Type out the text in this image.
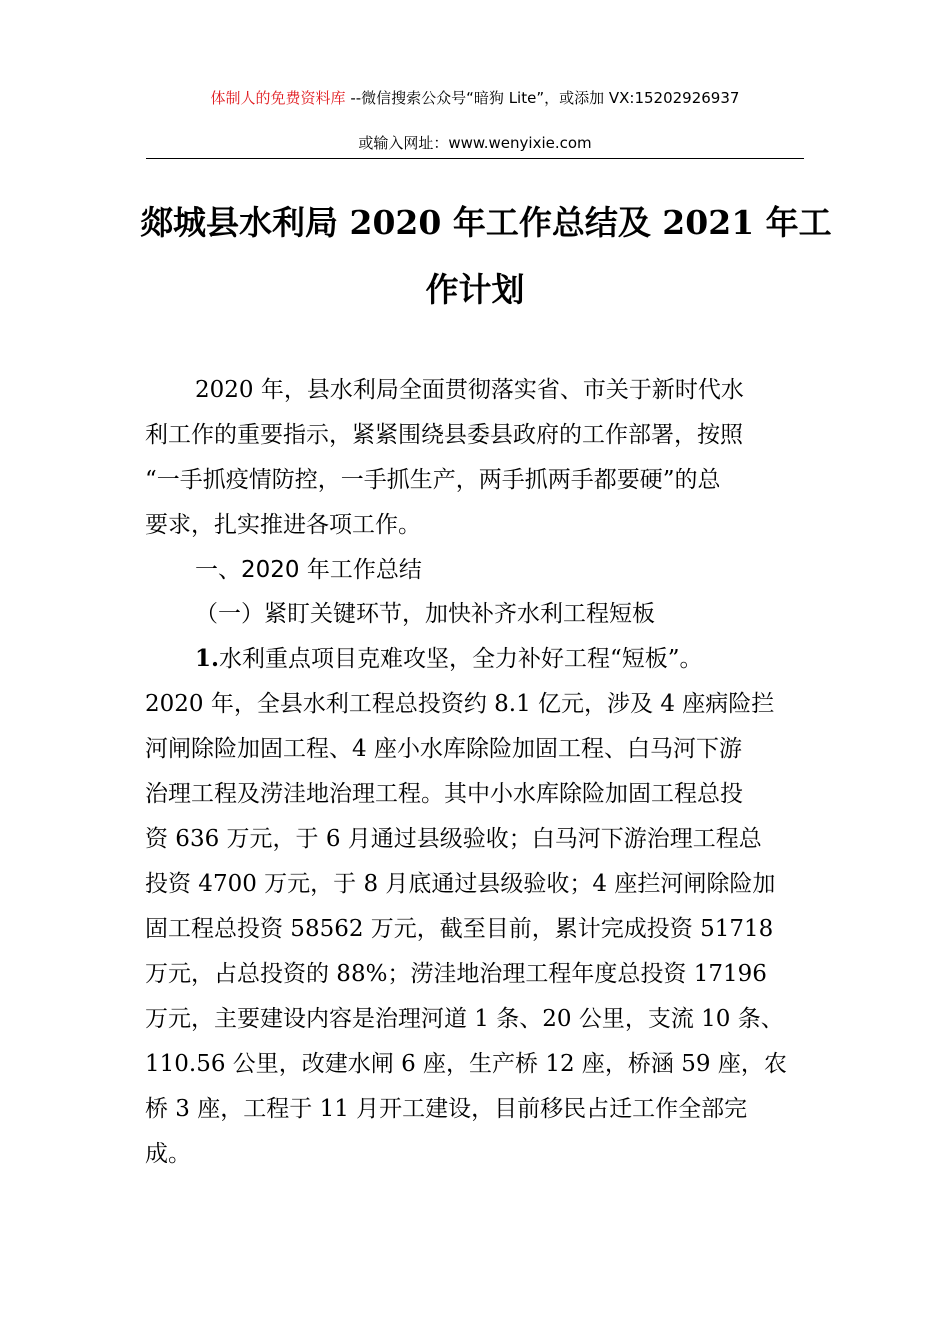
体制人的免费资料库 --微信搜索公众号“暗狗 Lite”，或添加 VX:15202926937
或输入网址：www.wenyixie.com
郯城县水利局 2020 年工作总结及 2021 年工
作计划
2020 年，县水利局全面贯彻落实省、市关于新时代水
利工作的重要指示，紧紧围绕县委县政府的工作部署，按照
“一手抓疫情防控，一手抓生产，两手抓两手都要硬”的总
要求，扎实推进各项工作。
一、2020 年工作总结
（一）紧盯关键环节，加快补齐水利工程短板
1.水利重点项目克难攻坚，全力补好工程“短板”。
2020 年，全县水利工程总投资约 8.1 亿元，涉及 4 座病险拦
河闸除险加固工程、4 座小水库除险加固工程、白马河下游
治理工程及涝洼地治理工程。其中小水库除险加固工程总投
资 636 万元，于 6 月通过县级验收；白马河下游治理工程总
投资 4700 万元，于 8 月底通过县级验收；4 座拦河闸除险加
固工程总投资 58562 万元，截至目前，累计完成投资 51718
万元，占总投资的 88%；涝洼地治理工程年度总投资 17196
万元，主要建设内容是治理河道 1 条、20 公里，支流 10 条、
110.56 公里，改建水闸 6 座，生产桥 12 座，桥涵 59 座，农
桥 3 座，工程于 11 月开工建设，目前移民占迁工作全部完
成。
